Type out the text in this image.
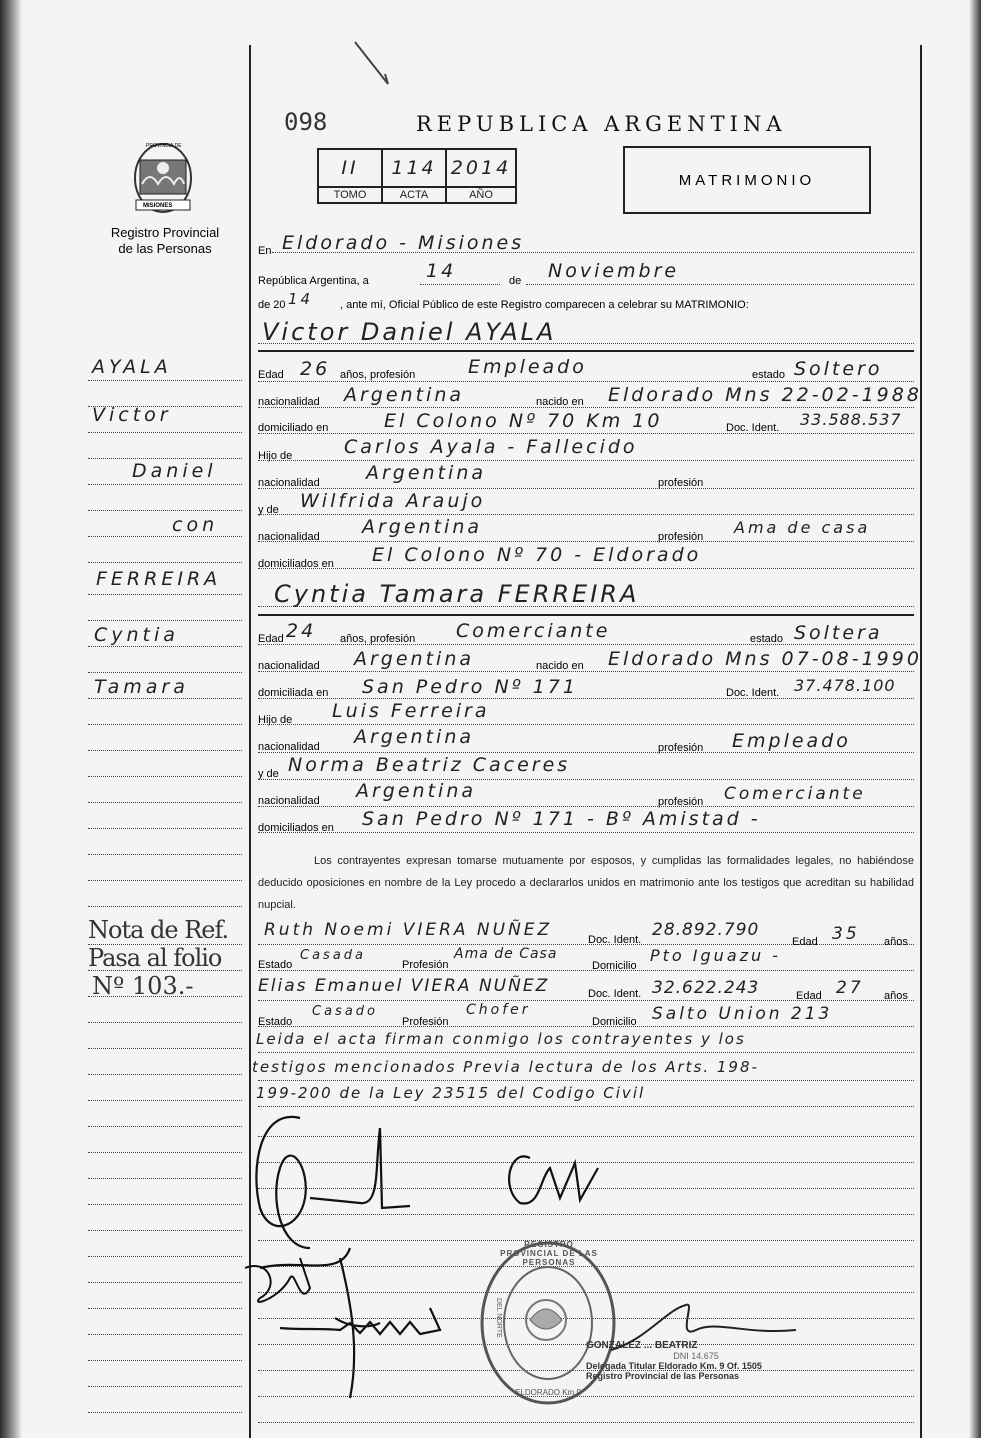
PROVINCIA DE
MISIONES
Registro Provincial
de las Personas
098	REPUBLICA ARGENTINA
II	114	2014
TOMO	ACTA	AÑO
MATRIMONIO
En Eldorado - Misiones
República Argentina, a	14	de Noviembre
de 20 14 , ante mí, Oficial Público de este Registro comparecen a celebrar su MATRIMONIO:
Victor Daniel AYALA
Edad 26 años, profesión	Empleado	estado Soltero
nacionalidad Argentina	nacido en Eldorado Mns 22-02-1988
domiciliado en	El Colono Nº 70 Km 10	Doc. Ident. 33.588.537
Hijo de	Carlos Ayala - Fallecido
nacionalidad Argentina	profesión
y de Wilfrida Araujo
nacionalidad Argentina	profesión Ama de casa
domiciliados en El Colono Nº 70 - Eldorado
Cyntia Tamara FERREIRA
Edad 24 años, profesión Comerciante	estado Soltera
nacionalidad Argentina	nacido en Eldorado Mns 07-08-1990
domiciliada en San Pedro Nº 171	Doc. Ident. 37.478.100
Hijo de Luis Ferreira
nacionalidad Argentina	profesión Empleado
y de Norma Beatriz Caceres
nacionalidad Argentina	profesión Comerciante
domiciliados en San Pedro Nº 171 - Bº Amistad -
Los contrayentes expresan tomarse mutuamente por esposos, y cumplidas las formalidades legales, no habiéndose deducido oposiciones en nombre de la Ley procedo a declararlos unidos en matrimonio ante los testigos que acreditan su habilidad nupcial.
Ruth Noemi VIERA NUÑEZ	Doc. Ident. 28.892.790
Edad 35 años
Estado
Casada
Profesión
Ama de Casa
Domicilio
Pto Iguazu -
Elias Emanuel VIERA NUÑEZ	Doc. Ident. 32.622.243	Edad 27 años
Estado
Casado
Profesión
Chofer
Domicilio Salto Union 213
Leida el acta firman conmigo los contrayentes y los
testigos mencionados Previa lectura de los Arts. 198-
199-200 de la Ley 23515 del Codigo Civil
AYALA
Victor
Daniel
con
FERREIRA
Cyntia
Tamara
Nota de Ref.
Pasa al folio
Nº 103.-
REGISTRO PROVINCIAL DE LAS PERSONAS
ELDORADO Km 9
DEL NORTE
GONZALEZ ... BEATRIZ
DNI 14.675
Delegada Titular Eldorado Km. 9 Of. 1505
Registro Provincial de las Personas
